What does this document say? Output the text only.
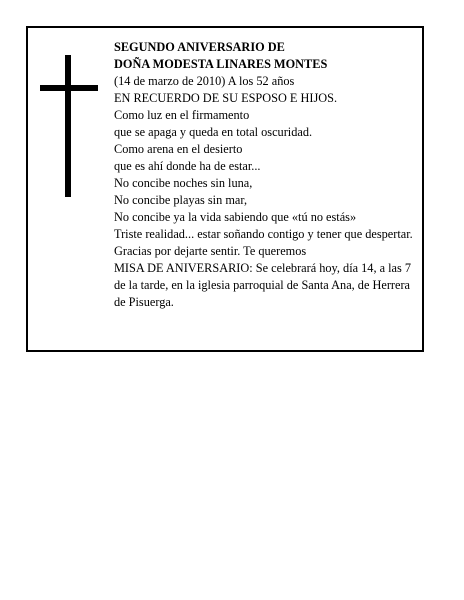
SEGUNDO ANIVERSARIO DE
DOÑA MODESTA LINARES MONTES
(14 de marzo de 2010) A los 52 años
EN RECUERDO DE SU ESPOSO E HIJOS.
Como luz en el firmamento
que se apaga y queda en total oscuridad.
Como arena en el desierto
que es ahí donde ha de estar...
No concibe noches sin luna,
No concibe playas sin mar,
No concibe ya la vida sabiendo que «tú no estás»
Triste realidad... estar soñando contigo y tener que despertar.
Gracias por dejarte sentir. Te queremos
MISA DE ANIVERSARIO: Se celebrará hoy, día 14, a las 7 de la tarde, en la iglesia parroquial de Santa Ana, de Herrera de Pisuerga.
